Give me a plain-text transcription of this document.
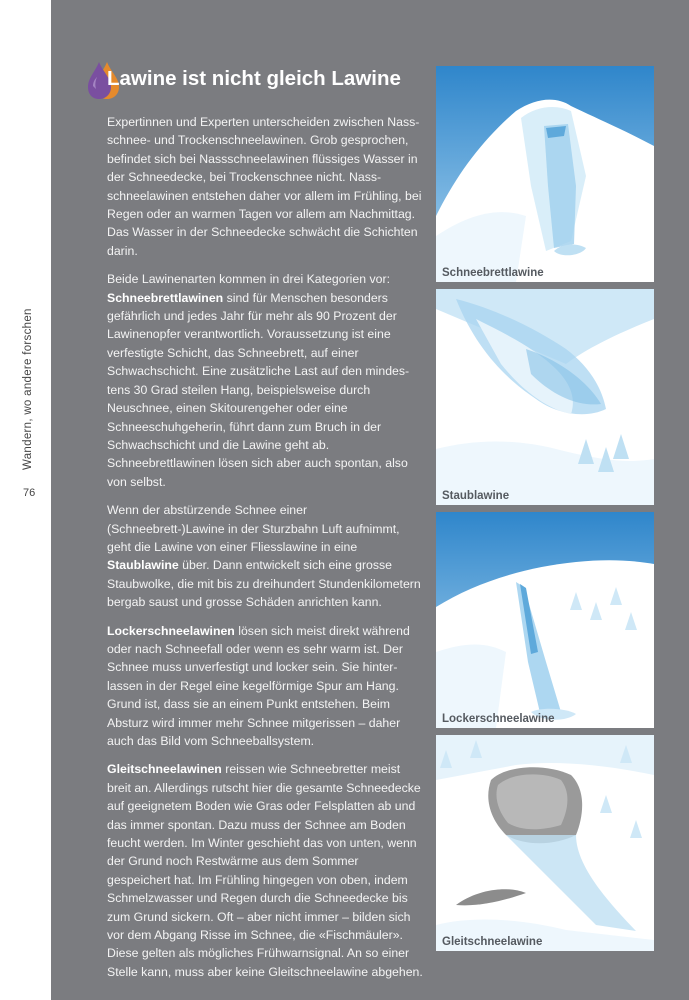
Wandern, wo andere forschen
76
Lawine ist nicht gleich Lawine

Expertinnen und Experten unterscheiden zwischen Nassschnee- und Trockenschneelawinen. Grob gesprochen, befindet sich bei Nassschneelawinen flüssiges Wasser in der Schneedecke, bei Trockenschnee nicht. Nassschneelawinen entstehen daher vor allem im Frühling, bei Regen oder an warmen Tagen vor allem am Nachmittag. Das Wasser in der Schneedecke schwächt die Schichten darin.

Beide Lawinenarten kommen in drei Kategorien vor:
Schneebrettlawinen sind für Menschen besonders gefährlich und jedes Jahr für mehr als 90 Prozent der Lawinenopfer verantwortlich. Voraussetzung ist eine verfestigte Schicht, das Schneebrett, auf einer Schwachschicht. Eine zusätzliche Last auf den mindestens 30 Grad steilen Hang, beispielsweise durch Neuschnee, einen Skitourengeher oder eine Schneeschuhgeherin, führt dann zum Bruch in der Schwachschicht und die Lawine geht ab. Schneebrettlawinen lösen sich aber auch spontan, also von selbst.

Wenn der abstürzende Schnee einer (Schneebrett-)Lawine in der Sturzbahn Luft aufnimmt, geht die Lawine von einer Fliesslawine in eine Staublawine über. Dann entwickelt sich eine grosse Staubwolke, die mit bis zu dreihundert Stundenkilometern bergab saust und grosse Schäden anrichten kann.

Lockerschneelawinen lösen sich meist direkt während oder nach Schneefall oder wenn es sehr warm ist. Der Schnee muss unverfestigt und locker sein. Sie hinterlassen in der Regel eine kegelförmige Spur am Hang. Grund ist, dass sie an einem Punkt entstehen. Beim Absturz wird immer mehr Schnee mitgerissen – daher auch das Bild vom Schneeballsystem.

Gleitschneelawinen reissen wie Schneebretter meist breit an. Allerdings rutscht hier die gesamte Schneedecke auf geeignetem Boden wie Gras oder Felsplatten ab und das immer spontan. Dazu muss der Schnee am Boden feucht werden. Im Winter geschieht das von unten, wenn der Grund noch Restwärme aus dem Sommer gespeichert hat. Im Frühling hingegen von oben, indem Schmelzwasser und Regen durch die Schneedecke bis zum Grund sickern. Oft – aber nicht immer – bilden sich vor dem Abgang Risse im Schnee, die «Fischmäuler». Diese gelten als mögliches Frühwarnsignal. An so einer Stelle kann, muss aber keine Gleitschneelawine abgehen.

Schneebrettlawine
Staublawine
Lockerschneelawine
Gleitschneelawine
